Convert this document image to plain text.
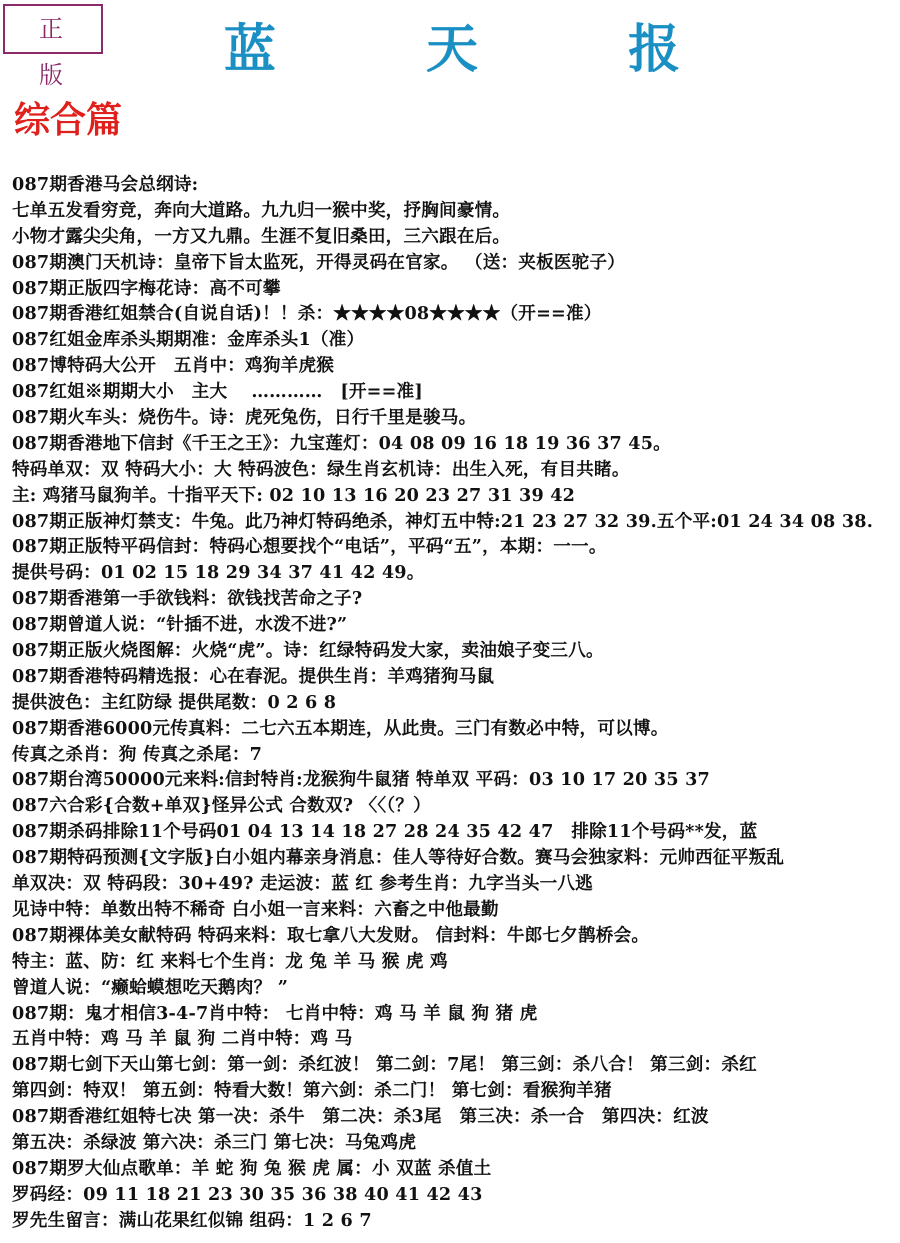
正 版	蓝 天 报
综合篇
087期香港马会总纲诗:
七单五发看穷竞，奔向大道路。九九归一猴中奖，抒胸间豪情。
小物才露尖尖角，一方又九鼎。生涯不复旧桑田，三六跟在后。
087期澳门天机诗：皇帝下旨太监死，开得灵码在官家。 （送：夹板医驼子）
087期正版四字梅花诗：高不可攀
087期香港红姐禁合(自说自话)！！杀：★★★★08★★★★（开==准）
087红姐金库杀头期期准：金库杀头1（准）
087博特码大公开　五肖中：鸡狗羊虎猴
087红姐※期期大小　主大　 …………　[开==准]
087期火车头：烧伤牛。诗：虎死兔伤，日行千里是骏马。
087期香港地下信封《千王之王》：九宝莲灯：04 08 09 16 18 19 36 37 45。
特码单双：双 特码大小：大 特码波色：绿生肖玄机诗：出生入死，有目共睹。
主: 鸡猪马鼠狗羊。十指平天下: 02 10 13 16 20 23 27 31 39 42
087期正版神灯禁支：牛兔。此乃神灯特码绝杀，神灯五中特:21 23 27 32 39.五个平:01 24 34 08 38.
087期正版特平码信封：特码心想要找个“电话”，平码“五”，本期：一一。
提供号码：01 02 15 18 29 34 37 41 42 49。
087期香港第一手欲钱料：欲钱找苦命之子?
087期曾道人说：“针插不进，水泼不进?”
087期正版火烧图解：火烧“虎”。诗：红绿特码发大家，卖油娘子变三八。
087期香港特码精选报：心在春泥。提供生肖：羊鸡猪狗马鼠
提供波色：主红防绿 提供尾数：0 2 6 8
087期香港6000元传真料：二七六五本期连，从此贵。三门有数必中特，可以博。
传真之杀肖：狗 传真之杀尾：7
087期台湾50000元来料:信封特肖:龙猴狗牛鼠猪 特单双 平码：03 10 17 20 35 37
087六合彩{合数+单双}怪异公式 合数双? 〈〈（？）
087期杀码排除11个号码01 04 13 14 18 27 28 24 35 42 47　排除11个号码**发，蓝
087期特码预测{文字版}白小姐内幕亲身消息：佳人等待好合数。赛马会独家料：元帅西征平叛乱
单双决：双 特码段：30+49? 走运波：蓝 红 参考生肖：九字当头一八逃
见诗中特：单数出特不稀奇 白小姐一言来料：六畜之中他最勤
087期裸体美女献特码 特码来料：取七拿八大发财。 信封料：牛郎七夕鹊桥会。
特主：蓝、防：红 来料七个生肖：龙 兔 羊 马 猴 虎 鸡
曾道人说：“癞蛤蟆想吃天鹅肉？ ”
087期：鬼才相信3-4-7肖中特： 七肖中特：鸡 马 羊 鼠 狗 猪 虎
五肖中特：鸡 马 羊 鼠 狗 二肖中特：鸡 马
087期七剑下天山第七剑：第一剑：杀红波！ 第二剑：7尾！ 第三剑：杀八合！ 第三剑：杀红
第四剑：特双！ 第五剑：特看大数！第六剑：杀二门！ 第七剑：看猴狗羊猪
087期香港红姐特七决 第一决：杀牛　第二决：杀3尾　第三决：杀一合　第四决：红波
第五决：杀绿波 第六决：杀三门 第七决：马兔鸡虎
087期罗大仙点歌单：羊 蛇 狗 兔 猴 虎 属：小 双蓝 杀值土
罗码经：09 11 18 21 23 30 35 36 38 40 41 42 43
罗先生留言：满山花果红似锦 组码：1 2 6 7
